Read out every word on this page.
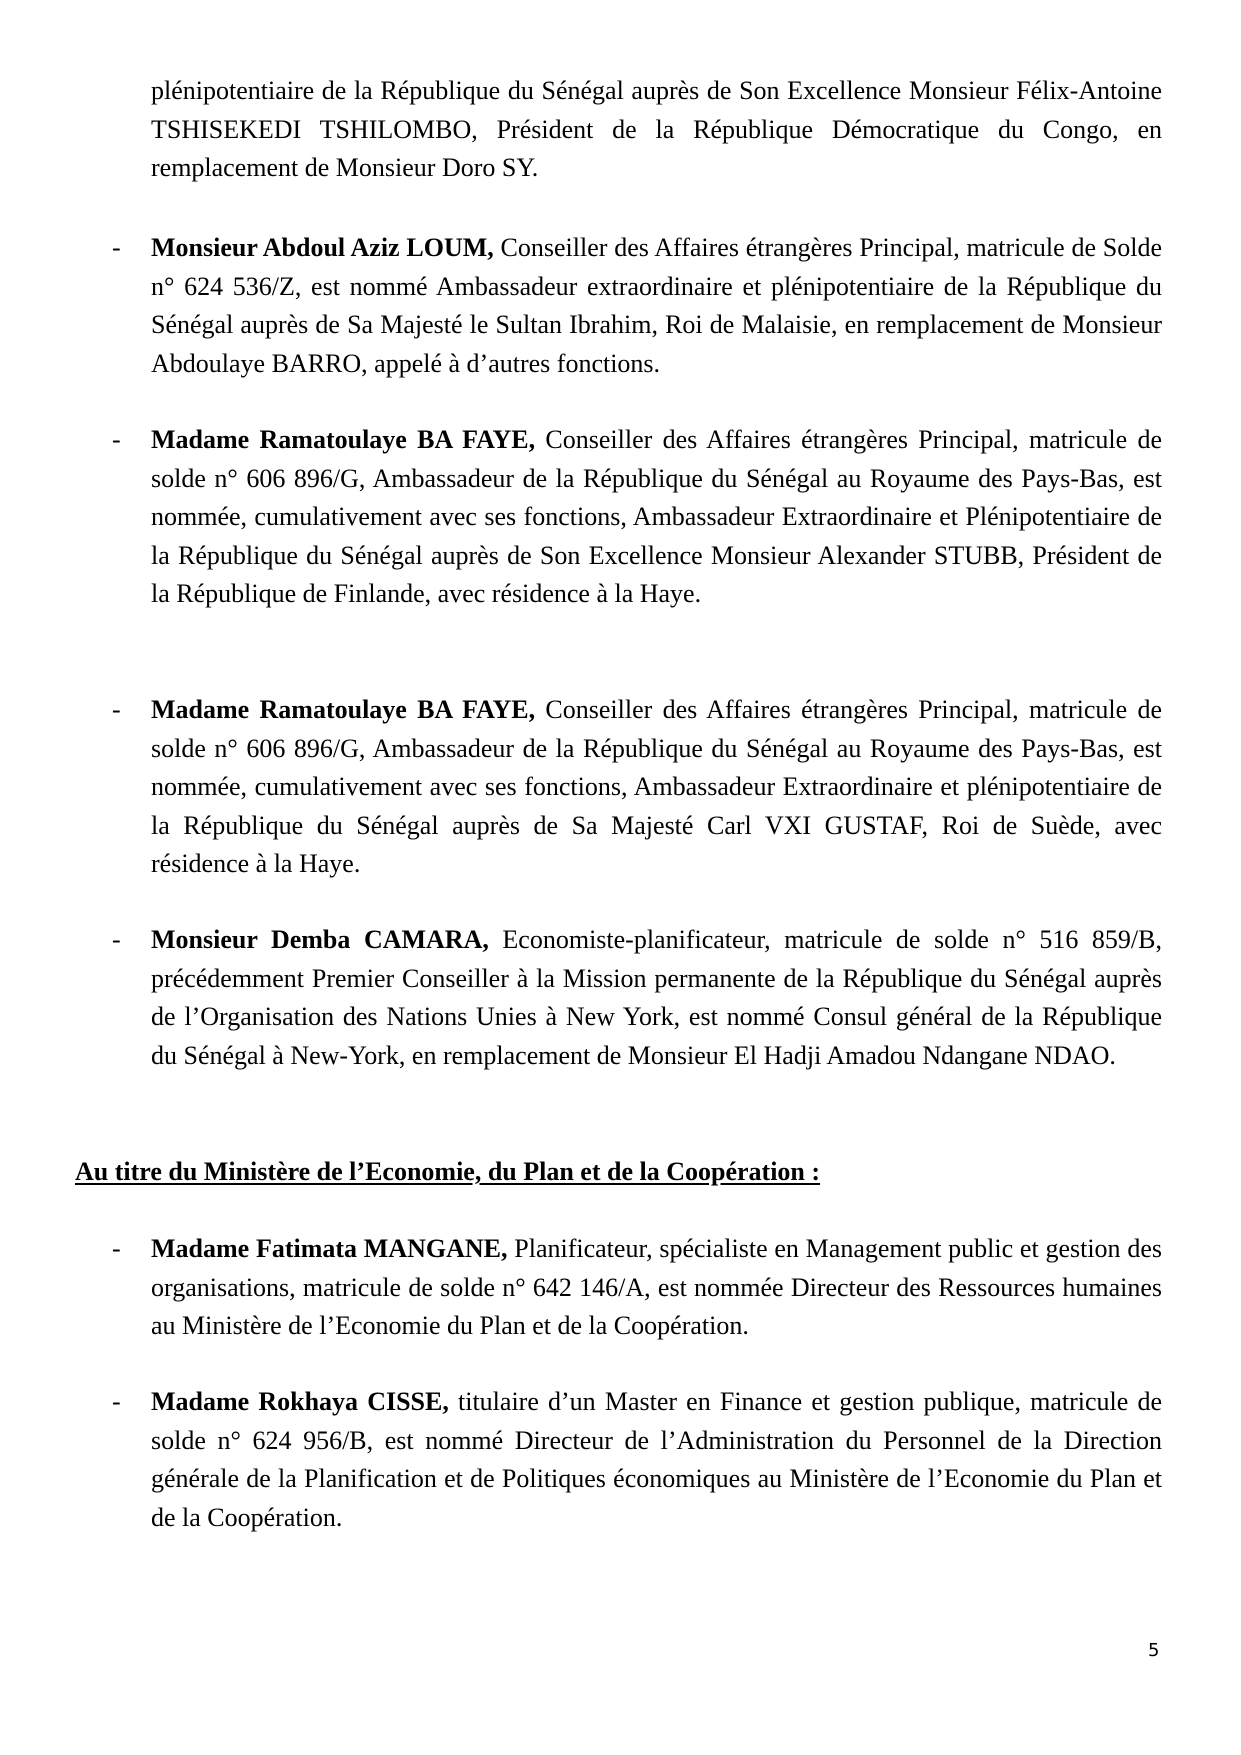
plénipotentiaire de la République du Sénégal auprès de Son Excellence Monsieur Félix-Antoine TSHISEKEDI TSHILOMBO, Président de la République Démocratique du Congo, en remplacement de Monsieur Doro SY.

-	Monsieur Abdoul Aziz LOUM, Conseiller des Affaires étrangères Principal, matricule de Solde n° 624 536/Z, est nommé Ambassadeur extraordinaire et plénipotentiaire de la République du Sénégal auprès de Sa Majesté le Sultan Ibrahim, Roi de Malaisie, en remplacement de Monsieur Abdoulaye BARRO, appelé à d’autres fonctions.

-	Madame Ramatoulaye BA FAYE, Conseiller des Affaires étrangères Principal, matricule de solde n° 606 896/G, Ambassadeur de la République du Sénégal au Royaume des Pays-Bas, est nommée, cumulativement avec ses fonctions, Ambassadeur Extraordinaire et Plénipotentiaire de la République du Sénégal auprès de Son Excellence Monsieur Alexander STUBB, Président de la République de Finlande, avec résidence à la Haye.

-	Madame Ramatoulaye BA FAYE, Conseiller des Affaires étrangères Principal, matricule de solde n° 606 896/G, Ambassadeur de la République du Sénégal au Royaume des Pays-Bas, est nommée, cumulativement avec ses fonctions, Ambassadeur Extraordinaire et plénipotentiaire de la République du Sénégal auprès de Sa Majesté Carl VXI GUSTAF, Roi de Suède, avec résidence à la Haye.

-	Monsieur Demba CAMARA, Economiste-planificateur, matricule de solde n° 516 859/B, précédemment Premier Conseiller à la Mission permanente de la République du Sénégal auprès de l’Organisation des Nations Unies à New York, est nommé Consul général de la République du Sénégal à New-York, en remplacement de Monsieur El Hadji Amadou Ndangane NDAO.

Au titre du Ministère de l’Economie, du Plan et de la Coopération :
-	Madame Fatimata MANGANE, Planificateur, spécialiste en Management public et gestion des organisations, matricule de solde n° 642 146/A, est nommée Directeur des Ressources humaines au Ministère de l’Economie du Plan et de la Coopération.

-	Madame Rokhaya CISSE, titulaire d’un Master en Finance et gestion publique, matricule de solde n° 624 956/B, est nommé Directeur de l’Administration du Personnel de la Direction générale de la Planification et de Politiques économiques au Ministère de l’Economie du Plan et de la Coopération.

5
